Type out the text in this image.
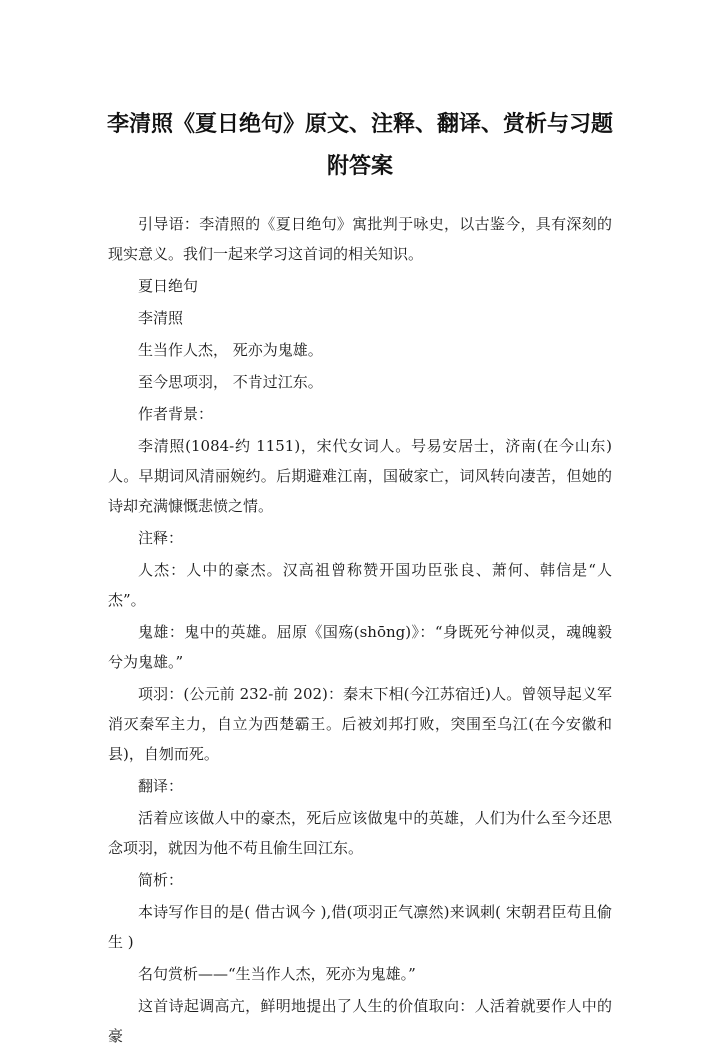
李清照《夏日绝句》原文、注释、翻译、赏析与习题附答案

引导语：李清照的《夏日绝句》寓批判于咏史，以古鉴今，具有深刻的现实意义。我们一起来学习这首词的相关知识。

夏日绝句

李清照

生当作人杰， 死亦为鬼雄。

至今思项羽， 不肯过江东。

作者背景：

李清照(1084-约 1151)，宋代女词人。号易安居士，济南(在今山东)人。早期词风清丽婉约。后期避难江南，国破家亡，词风转向凄苦，但她的诗却充满慷慨悲愤之情。

注释：

人杰：人中的豪杰。汉高祖曾称赞开国功臣张良、萧何、韩信是“人杰”。

鬼雄：鬼中的英雄。屈原《国殇(shōng)》：“身既死兮神似灵，魂魄毅兮为鬼雄。”

项羽：(公元前 232-前 202)：秦末下相(今江苏宿迁)人。曾领导起义军消灭秦军主力，自立为西楚霸王。后被刘邦打败，突围至乌江(在今安徽和县)，自刎而死。

翻译：

活着应该做人中的豪杰，死后应该做鬼中的英雄，人们为什么至今还思念项羽，就因为他不苟且偷生回江东。

简析：

本诗写作目的是( 借古讽今 ),借(项羽正气凛然)来讽刺( 宋朝君臣苟且偷生 )

名句赏析——“生当作人杰，死亦为鬼雄。”

这首诗起调高亢，鲜明地提出了人生的价值取向：人活着就要作人中的豪
